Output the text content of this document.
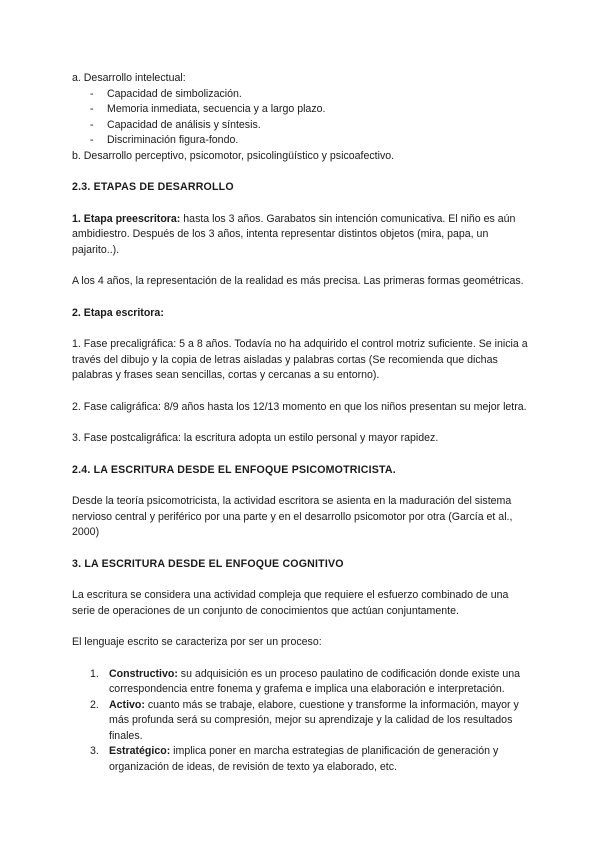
a. Desarrollo intelectual:

- Capacidad de simbolización.
- Memoria inmediata, secuencia y a largo plazo.
- Capacidad de análisis y síntesis.
- Discriminación figura-fondo.

b. Desarrollo perceptivo, psicomotor, psicolingüístico y psicoafectivo.

2.3. ETAPAS DE DESARROLLO

1. Etapa preescritora: hasta los 3 años. Garabatos sin intención comunicativa. El niño es aún ambidiestro. Después de los 3 años, intenta representar distintos objetos (mira, papa, un pajarito..).

A los 4 años, la representación de la realidad es más precisa. Las primeras formas geométricas.

2. Etapa escritora:

1. Fase precaligráfica: 5 a 8 años. Todavía no ha adquirido el control motriz suficiente. Se inicia a través del dibujo y la copia de letras aisladas y palabras cortas (Se recomienda que dichas palabras y frases sean sencillas, cortas y cercanas a su entorno).

2. Fase caligráfica: 8/9 años hasta los 12/13 momento en que los niños presentan su mejor letra.

3. Fase postcaligráfica: la escritura adopta un estilo personal y mayor rapidez.

2.4. LA ESCRITURA DESDE EL ENFOQUE PSICOMOTRICISTA.

Desde la teoría psicomotricista, la actividad escritora se asienta en la maduración del sistema nervioso central y periférico por una parte y en el desarrollo psicomotor por otra (García et al., 2000)

3. LA ESCRITURA DESDE EL ENFOQUE COGNITIVO

La escritura se considera una actividad compleja que requiere el esfuerzo combinado de una serie de operaciones de un conjunto de conocimientos que actúan conjuntamente.

El lenguaje escrito se caracteriza por ser un proceso:

1. Constructivo: su adquisición es un proceso paulatino de codificación donde existe una correspondencia entre fonema y grafema e implica una elaboración e interpretación.
2. Activo: cuanto más se trabaje, elabore, cuestione y transforme la información, mayor y más profunda será su compresión, mejor su aprendizaje y la calidad de los resultados finales.
3. Estratégico: implica poner en marcha estrategias de planificación de generación y organización de ideas, de revisión de texto ya elaborado, etc.
